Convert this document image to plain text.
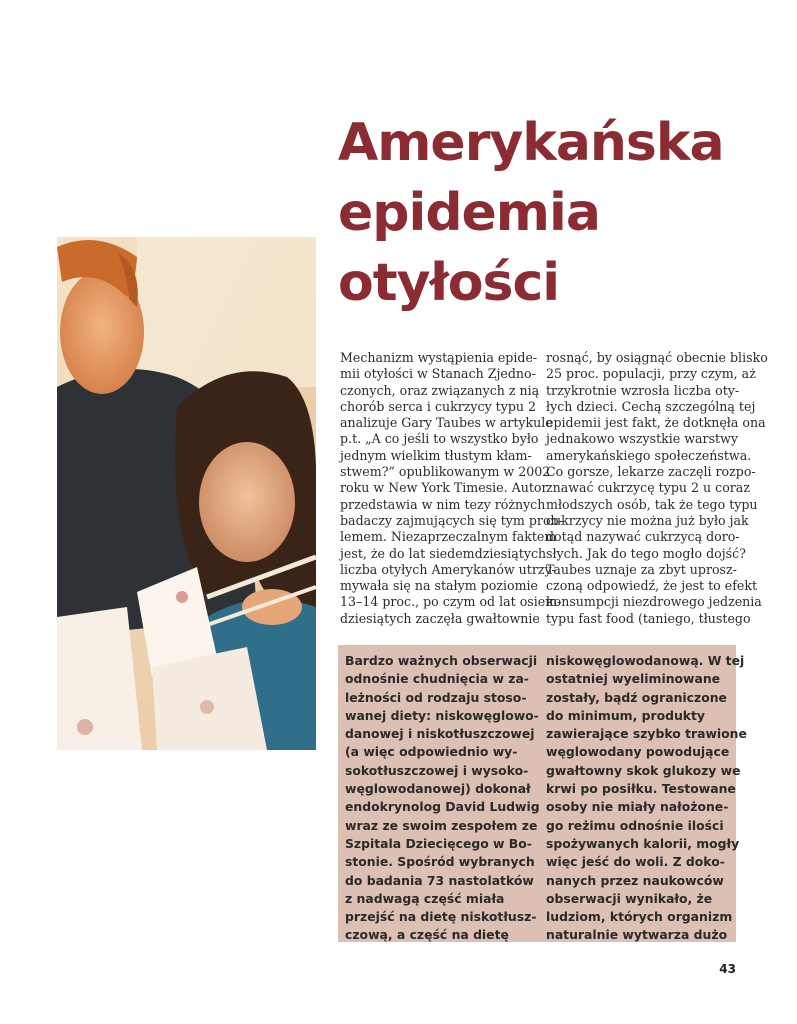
Amerykańska
epidemia
otyłości
Mechanizm wystąpienia epide-
mii otyłości w Stanach Zjedno-
czonych, oraz związanych z nią
chorób serca i cukrzycy typu 2
analizuje Gary Taubes w artykule
p.t. „A co jeśli to wszystko było
jednym wielkim tłustym kłam-
stwem?” opublikowanym w 2002
roku w New York Timesie. Autor
przedstawia w nim tezy różnych
badaczy zajmujących się tym prob-
lemem. Niezaprzeczalnym faktem
jest, że do lat siedemdziesiątych
liczba otyłych Amerykanów utrzy-
mywała się na stałym poziomie
13–14 proc., po czym od lat osiem-
dziesiątych zaczęła gwałtownie
rosnąć, by osiągnąć obecnie blisko
25 proc. populacji, przy czym, aż
trzykrotnie wzrosła liczba oty-
łych dzieci. Cechą szczególną tej
epidemii jest fakt, że dotknęła ona
jednakowo wszystkie warstwy
amerykańskiego społeczeństwa.
Co gorsze, lekarze zaczęli rozpo-
znawać cukrzycę typu 2 u coraz
młodszych osób, tak że tego typu
cukrzycy nie można już było jak
dotąd nazywać cukrzycą doro-
słych. Jak do tego mogło dojść?
Taubes uznaje za zbyt uprosz-
czoną odpowiedź, że jest to efekt
konsumpcji niezdrowego jedzenia
typu fast food (taniego, tłustego
Bardzo ważnych obserwacji
odnośnie chudnięcia w za-
leżności od rodzaju stoso-
wanej diety: niskowęglowo-
danowej i niskotłuszczowej
(a więc odpowiednio wy-
sokotłuszczowej i wysoko-
węglowodanowej) dokonał
endokrynolog David Ludwig
wraz ze swoim zespołem ze
Szpitala Dziecięcego w Bo-
stonie. Spośród wybranych
do badania 73 nastolatków
z nadwagą część miała
przejść na dietę niskotłusz-
czową, a część na dietę
niskowęglowodanową. W tej
ostatniej wyeliminowane
zostały, bądź ograniczone
do minimum, produkty
zawierające szybko trawione
węglowodany powodujące
gwałtowny skok glukozy we
krwi po posiłku. Testowane
osoby nie miały nałożone-
go reżimu odnośnie ilości
spożywanych kalorii, mogły
więc jeść do woli. Z doko-
nanych przez naukowców
obserwacji wynikało, że
ludziom, których organizm
naturalnie wytwarza dużo
43
